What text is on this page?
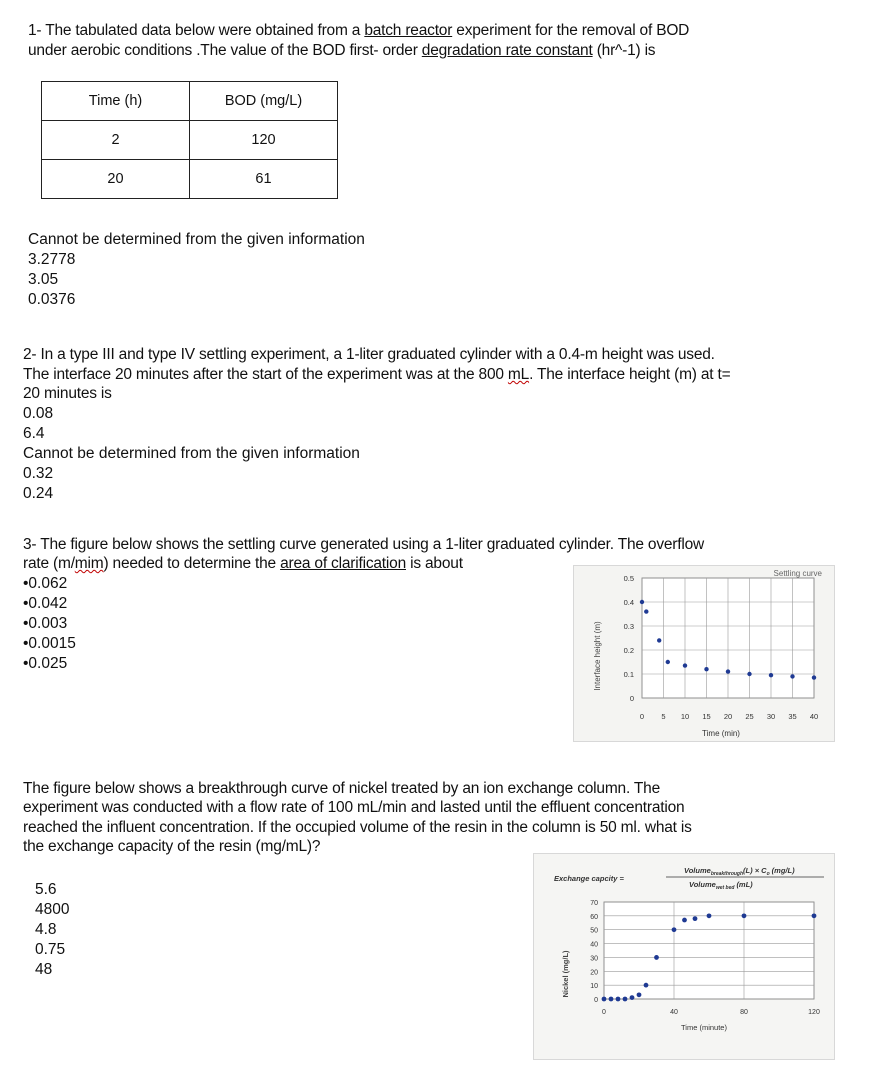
1- The tabulated data below were obtained from a batch reactor experiment for the removal of BOD
under aerobic conditions .The value of the BOD first- order degradation rate constant (hr^-1) is
Time (h)	BOD (mg/L)
2	120
20	61
Cannot be determined from the given information
3.2778
3.05
0.0376
2- In a type III and type IV settling experiment, a 1-liter graduated cylinder with a 0.4-m height was used.
The interface 20 minutes after the start of the experiment was at the 800 mL. The interface height (m) at t=
20 minutes is
0.08
6.4
Cannot be determined from the given information
0.32
0.24
3- The figure below shows the settling curve generated using a 1-liter graduated cylinder. The overflow
rate (m/mim) needed to determine the area of clarification is about
•0.062
•0.042
•0.003
•0.0015
•0.025
Settling curve
Interface height (m)
Time (min)
0
0.1
0.2
0.3
0.4
0.5
0 5 10 15 20 25 30 35 40
The figure below shows a breakthrough curve of nickel treated by an ion exchange column. The
experiment was conducted with a flow rate of 100 mL/min and lasted until the effluent concentration
reached the influent concentration. If the occupied volume of the resin in the column is 50 ml. what is
the exchange capacity of the resin (mg/mL)?
5.6
4800
4.8
0.75
48
Exchange capcity =
Volume$_{breakthrough}$(L) × $C_o$ (mg/L)
Volume$_{wet bed}$ (mL)
Nickel (mg/L)
Time (minute)
0
10
20
30
40
50
60
70
0	40	80	120
